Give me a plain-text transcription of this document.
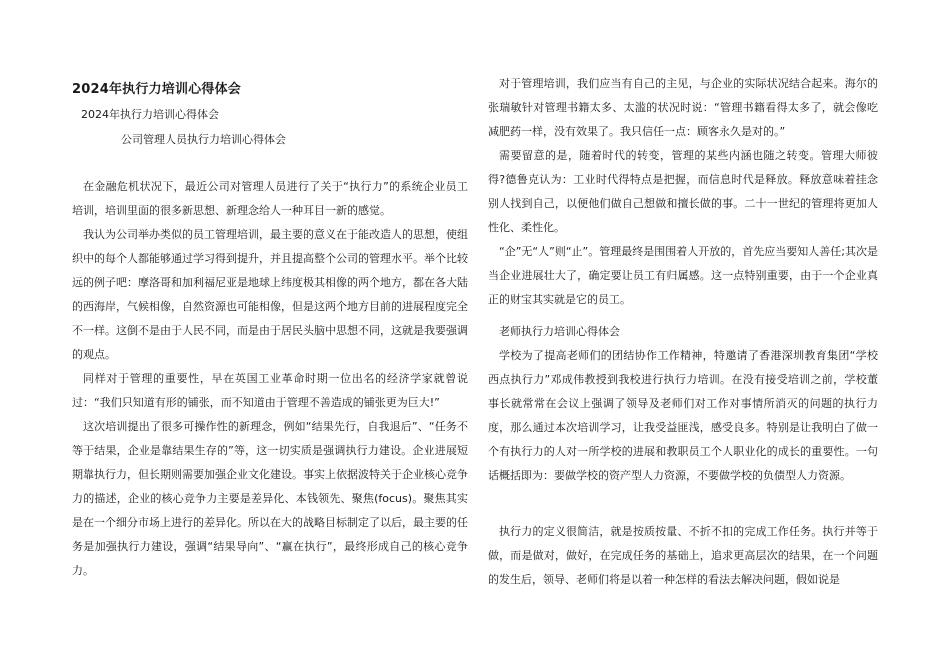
2024年执行力培训心得体会
2024年执行力培训心得体会
公司管理人员执行力培训心得体会

在金融危机状况下，最近公司对管理人员进行了关于“执行力”的系统企业员工培训，培训里面的很多新思想、新理念给人一种耳目一新的感觉。

我认为公司举办类似的员工管理培训，最主要的意义在于能改造人的思想，使组织中的每个人都能够通过学习得到提升，并且提高整个公司的管理水平。举个比较远的例子吧：摩洛哥和加利福尼亚是地球上纬度极其相像的两个地方，都在各大陆的西海岸，气候相像，自然资源也可能相像，但是这两个地方目前的进展程度完全不一样。这倒不是由于人民不同，而是由于居民头脑中思想不同，这就是我要强调的观点。

同样对于管理的重要性，早在英国工业革命时期一位出名的经济学家就曾说过：“我们只知道有形的铺张，而不知道由于管理不善造成的铺张更为巨大!”

这次培训提出了很多可操作性的新理念，例如“结果先行，自我退后”、“任务不等于结果，企业是靠结果生存的”等，这一切实质是强调执行力建设。企业进展短期靠执行力，但长期则需要加强企业文化建设。事实上依据波特关于企业核心竞争力的描述，企业的核心竞争力主要是差异化、本钱领先、聚焦(focus)。聚焦其实是在一个细分市场上进行的差异化。所以在大的战略目标制定了以后，最主要的任务是加强执行力建设，强调“结果导向”、“赢在执行”，最终形成自己的核心竞争力。

对于管理培训，我们应当有自己的主见，与企业的实际状况结合起来。海尔的张瑞敏针对管理书籍太多、太滥的状况时说：“管理书籍看得太多了，就会像吃减肥药一样，没有效果了。我只信任一点：顾客永久是对的。”

需要留意的是，随着时代的转变，管理的某些内涵也随之转变。管理大师彼得?德鲁克认为：工业时代得特点是把握，而信息时代是释放。释放意味着挂念别人找到自己，以便他们做自己想做和擅长做的事。二十一世纪的管理将更加人性化、柔性化。

“企”无“人”则“止”。管理最终是围围着人开放的，首先应当要知人善任;其次是当企业进展壮大了，确定要让员工有归属感。这一点特别重要，由于一个企业真正的财宝其实就是它的员工。

老师执行力培训心得体会

学校为了提高老师们的团结协作工作精神，特邀请了香港深圳教育集团“学校西点执行力”邓成伟教授到我校进行执行力培训。在没有接受培训之前，学校董事长就常常在会议上强调了领导及老师们对工作对事情所消灭的问题的执行力度，那么通过本次培训学习，让我受益匪浅，感受良多。特别是让我明白了做一个有执行力的人对一所学校的进展和教职员工个人职业化的成长的重要性。一句话概括即为：要做学校的资产型人力资源，不要做学校的负债型人力资源。

执行力的定义很简洁，就是按质按量、不折不扣的完成工作任务。执行并等于做，而是做对，做好，在完成任务的基础上，追求更高层次的结果，在一个问题的发生后，领导、老师们将是以着一种怎样的看法去解决问题，假如说是
